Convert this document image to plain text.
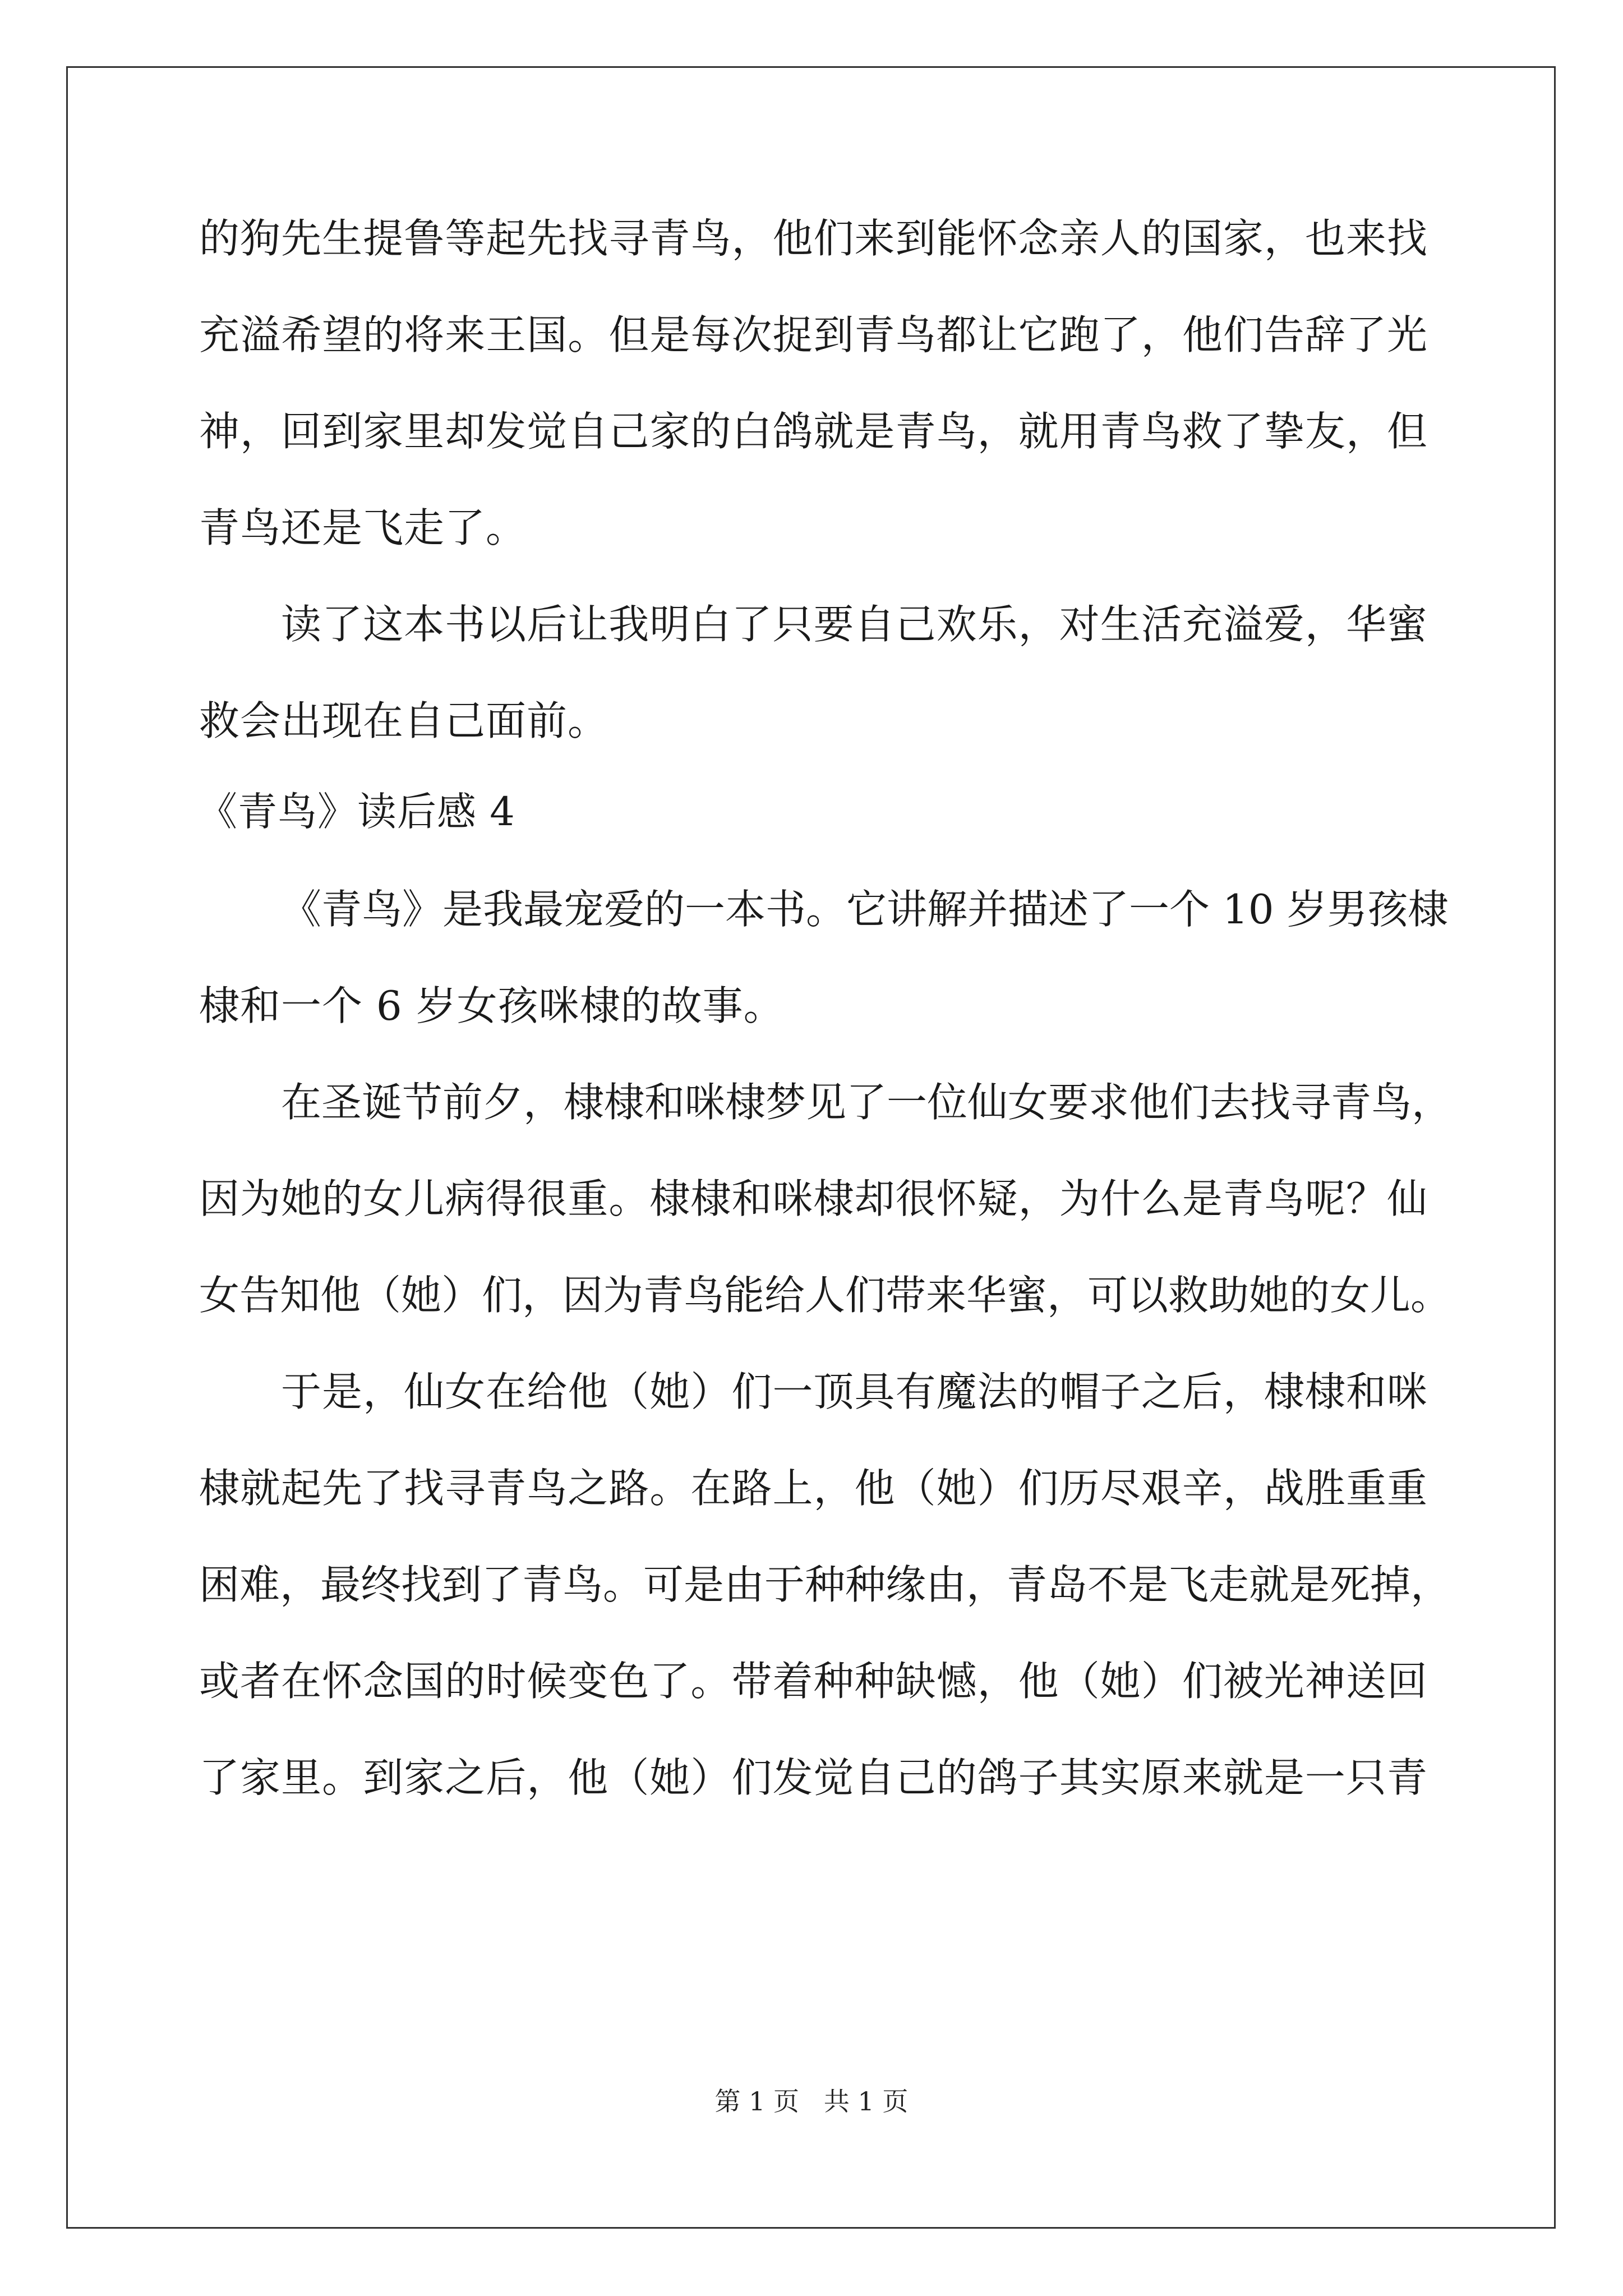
的狗先生提鲁等起先找寻青鸟，他们来到能怀念亲人的国家，也来找
充溢希望的将来王国。但是每次捉到青鸟都让它跑了，他们告辞了光
神，回到家里却发觉自己家的白鸽就是青鸟，就用青鸟救了挚友，但
青鸟还是飞走了。
读了这本书以后让我明白了只要自己欢乐，对生活充溢爱，华蜜
救会出现在自己面前。
《青鸟》读后感 4
《青鸟》是我最宠爱的一本书。它讲解并描述了一个 10 岁男孩棣
棣和一个 6 岁女孩咪棣的故事。
在圣诞节前夕，棣棣和咪棣梦见了一位仙女要求他们去找寻青鸟，
因为她的女儿病得很重。棣棣和咪棣却很怀疑，为什么是青鸟呢？仙
女告知他（她）们，因为青鸟能给人们带来华蜜，可以救助她的女儿。
于是，仙女在给他（她）们一顶具有魔法的帽子之后，棣棣和咪
棣就起先了找寻青鸟之路。在路上，他（她）们历尽艰辛，战胜重重
困难，最终找到了青鸟。可是由于种种缘由，青岛不是飞走就是死掉，
或者在怀念国的时候变色了。带着种种缺憾，他（她）们被光神送回
了家里。到家之后，他（她）们发觉自己的鸽子其实原来就是一只青
第 1 页   共 1 页
